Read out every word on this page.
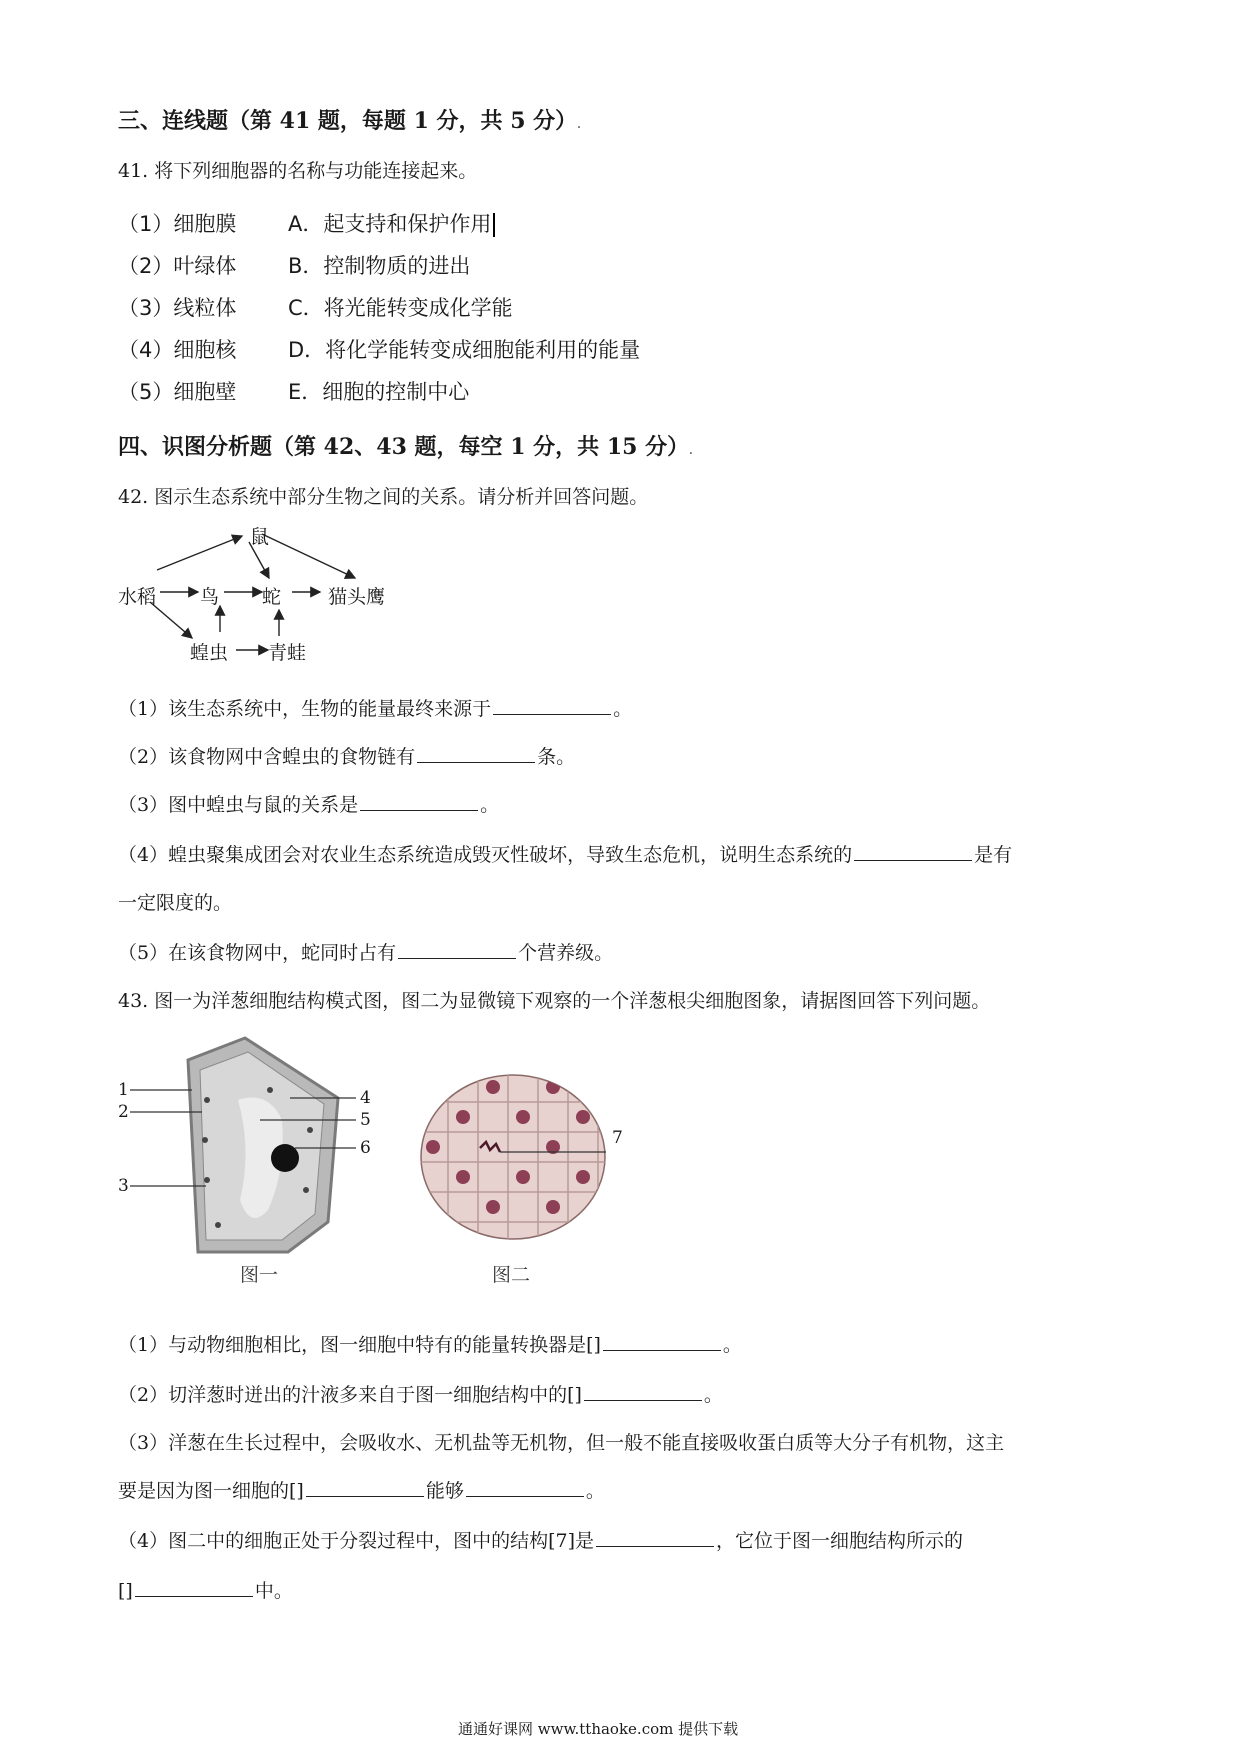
三、连线题（第 41 题，每题 1 分，共 5 分）.
41. 将下列细胞器的名称与功能连接起来。
（1）细胞膜 A．起支持和保护作用
（2）叶绿体 B．控制物质的进出
（3）线粒体 C．将光能转变成化学能
（4）细胞核 D．将化学能转变成细胞能利用的能量
（5）细胞壁 E．细胞的控制中心
四、识图分析题（第 42、43 题，每空 1 分，共 15 分）.
42. 图示生态系统中部分生物之间的关系。请分析并回答问题。
鼠
水稻 鸟 蛇 猫头鹰
蝗虫 青蛙
（1）该生态系统中，生物的能量最终来源于	。
（2）该食物网中含蝗虫的食物链有	条。
（3）图中蝗虫与鼠的关系是	。
（4）蝗虫聚集成团会对农业生态系统造成毁灭性破坏，导致生态危机，说明生态系统的	是有
一定限度的。
（5）在该食物网中，蛇同时占有	个营养级。
43. 图一为洋葱细胞结构模式图，图二为显微镜下观察的一个洋葱根尖细胞图象，请据图回答下列问题。
1
2
3
4
5
6
图一
7
图二
（1）与动物细胞相比，图一细胞中特有的能量转换器是[]	。
（2）切洋葱时迸出的汁液多来自于图一细胞结构中的[]	。
（3）洋葱在生长过程中，会吸收水、无机盐等无机物，但一般不能直接吸收蛋白质等大分子有机物，这主
要是因为图一细胞的[]	能够	。
（4）图二中的细胞正处于分裂过程中，图中的结构[7]是	，它位于图一细胞结构所示的
[]	中。
通通好课网 www.tthaoke.com 提供下载
